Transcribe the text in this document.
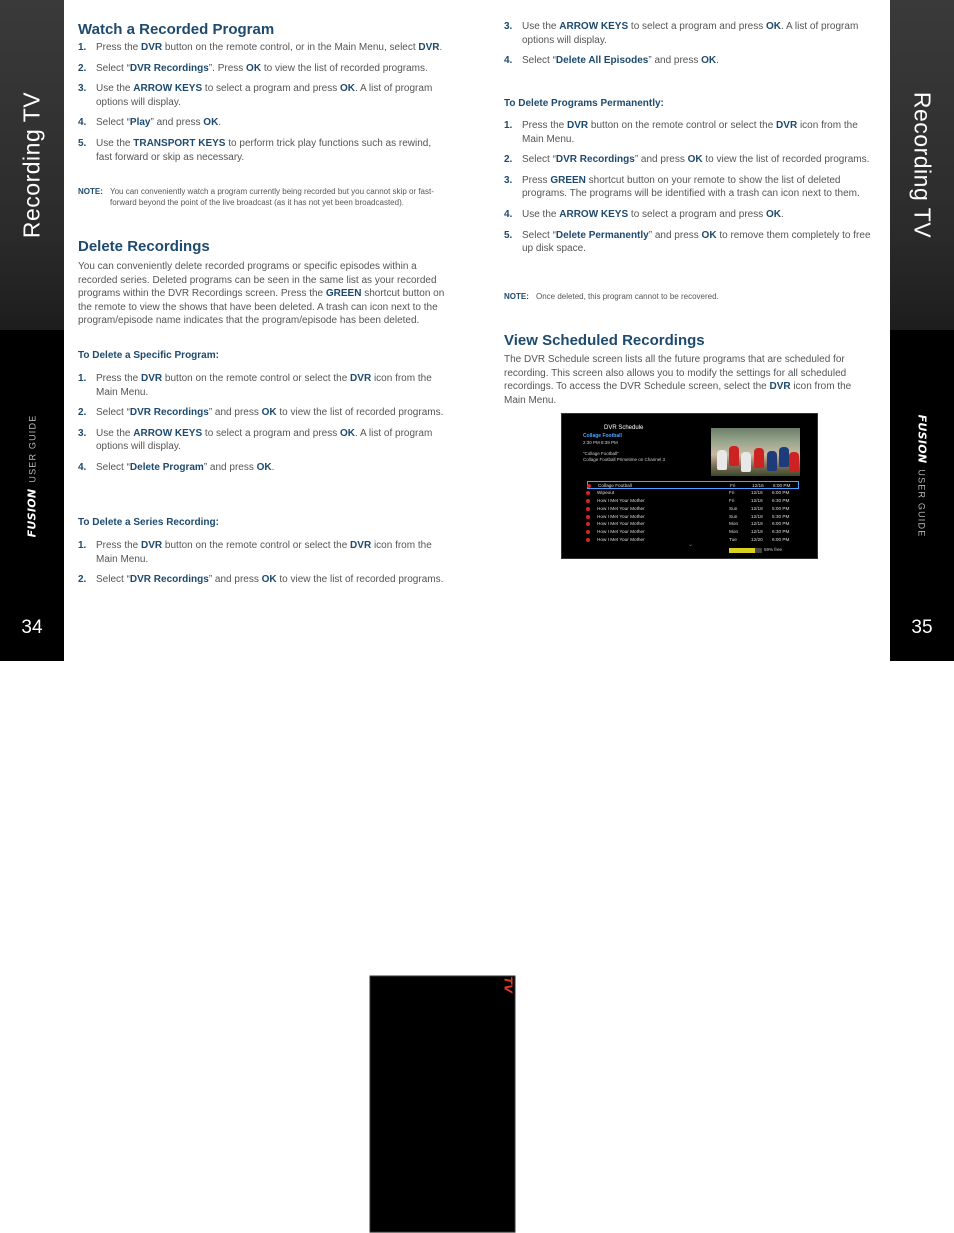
Recording TV
FUSION
USER GUIDE
34
Recording TV
FUSION
TV
USER GUIDE
35
Watch a Recorded Program
1. Press the DVR button on the remote control, or in the Main Menu, select DVR.
2. Select “DVR Recordings”. Press OK to view the list of recorded programs.
3. Use the ARROW KEYS to select a program and press OK. A list of program options will display.
4. Select “Play” and press OK.
5. Use the TRANSPORT KEYS to perform trick play functions such as rewind, fast forward or skip as necessary.
NOTE: You can conveniently watch a program currently being recorded but you cannot skip or fast-forward beyond the point of the live broadcast (as it has not yet been broadcasted).
Delete Recordings

You can conveniently delete recorded programs or specific episodes within a recorded series. Deleted programs can be seen in the same list as your recorded programs within the DVR Recordings screen. Press the GREEN shortcut button on the remote to view the shows that have been deleted. A trash can icon next to the program/episode name indicates that the program/episode has been deleted.

To Delete a Specific Program:
1. Press the DVR button on the remote control or select the DVR icon from the Main Menu.
2. Select “DVR Recordings” and press OK to view the list of recorded programs.
3. Use the ARROW KEYS to select a program and press OK. A list of program options will display.
4. Select “Delete Program” and press OK.
To Delete a Series Recording:
1. Press the DVR button on the remote control or select the DVR icon from the Main Menu.
2. Select “DVR Recordings” and press OK to view the list of recorded programs.
3. Use the ARROW KEYS to select a program and press OK. A list of program options will display.
4. Select “Delete All Episodes” and press OK.
To Delete Programs Permanently:
1. Press the DVR button on the remote control or select the DVR icon from the Main Menu.
2. Select “DVR Recordings” and press OK to view the list of recorded programs.
3. Press GREEN shortcut button on your remote to show the list of deleted programs. The programs will be identified with a trash can icon next to them.
4. Use the ARROW KEYS to select a program and press OK.
5. Select “Delete Permanently” and press OK to remove them completely to free up disk space.
NOTE: Once deleted, this program cannot to be recovered.
View Scheduled Recordings

The DVR Schedule screen lists all the future programs that are scheduled for recording. This screen also allows you to modify the settings for all scheduled recordings. To access the DVR Schedule screen, select the DVR icon from the Main Menu.

DVR Schedule
Collage Football
2:30 PM 8:39 PM
“Collage Football”
Collage Football Primetime on Channel 3
Collage Football	Fri	12/16 6:00 PM
Wipeout	Fri	12/16 6:00 PM
How I Met Your Mother	Fri	12/16 6:30 PM
How I Met Your Mother	Sun	12/18 5:00 PM
How I Met Your Mother	Sun	12/18 5:30 PM
How I Met Your Mother	Mon	12/19 6:00 PM
How I Met Your Mother	Mon	12/19 6:30 PM
How I Met Your Mother	Tue	12/20 6:00 PM
⌄
59% free
